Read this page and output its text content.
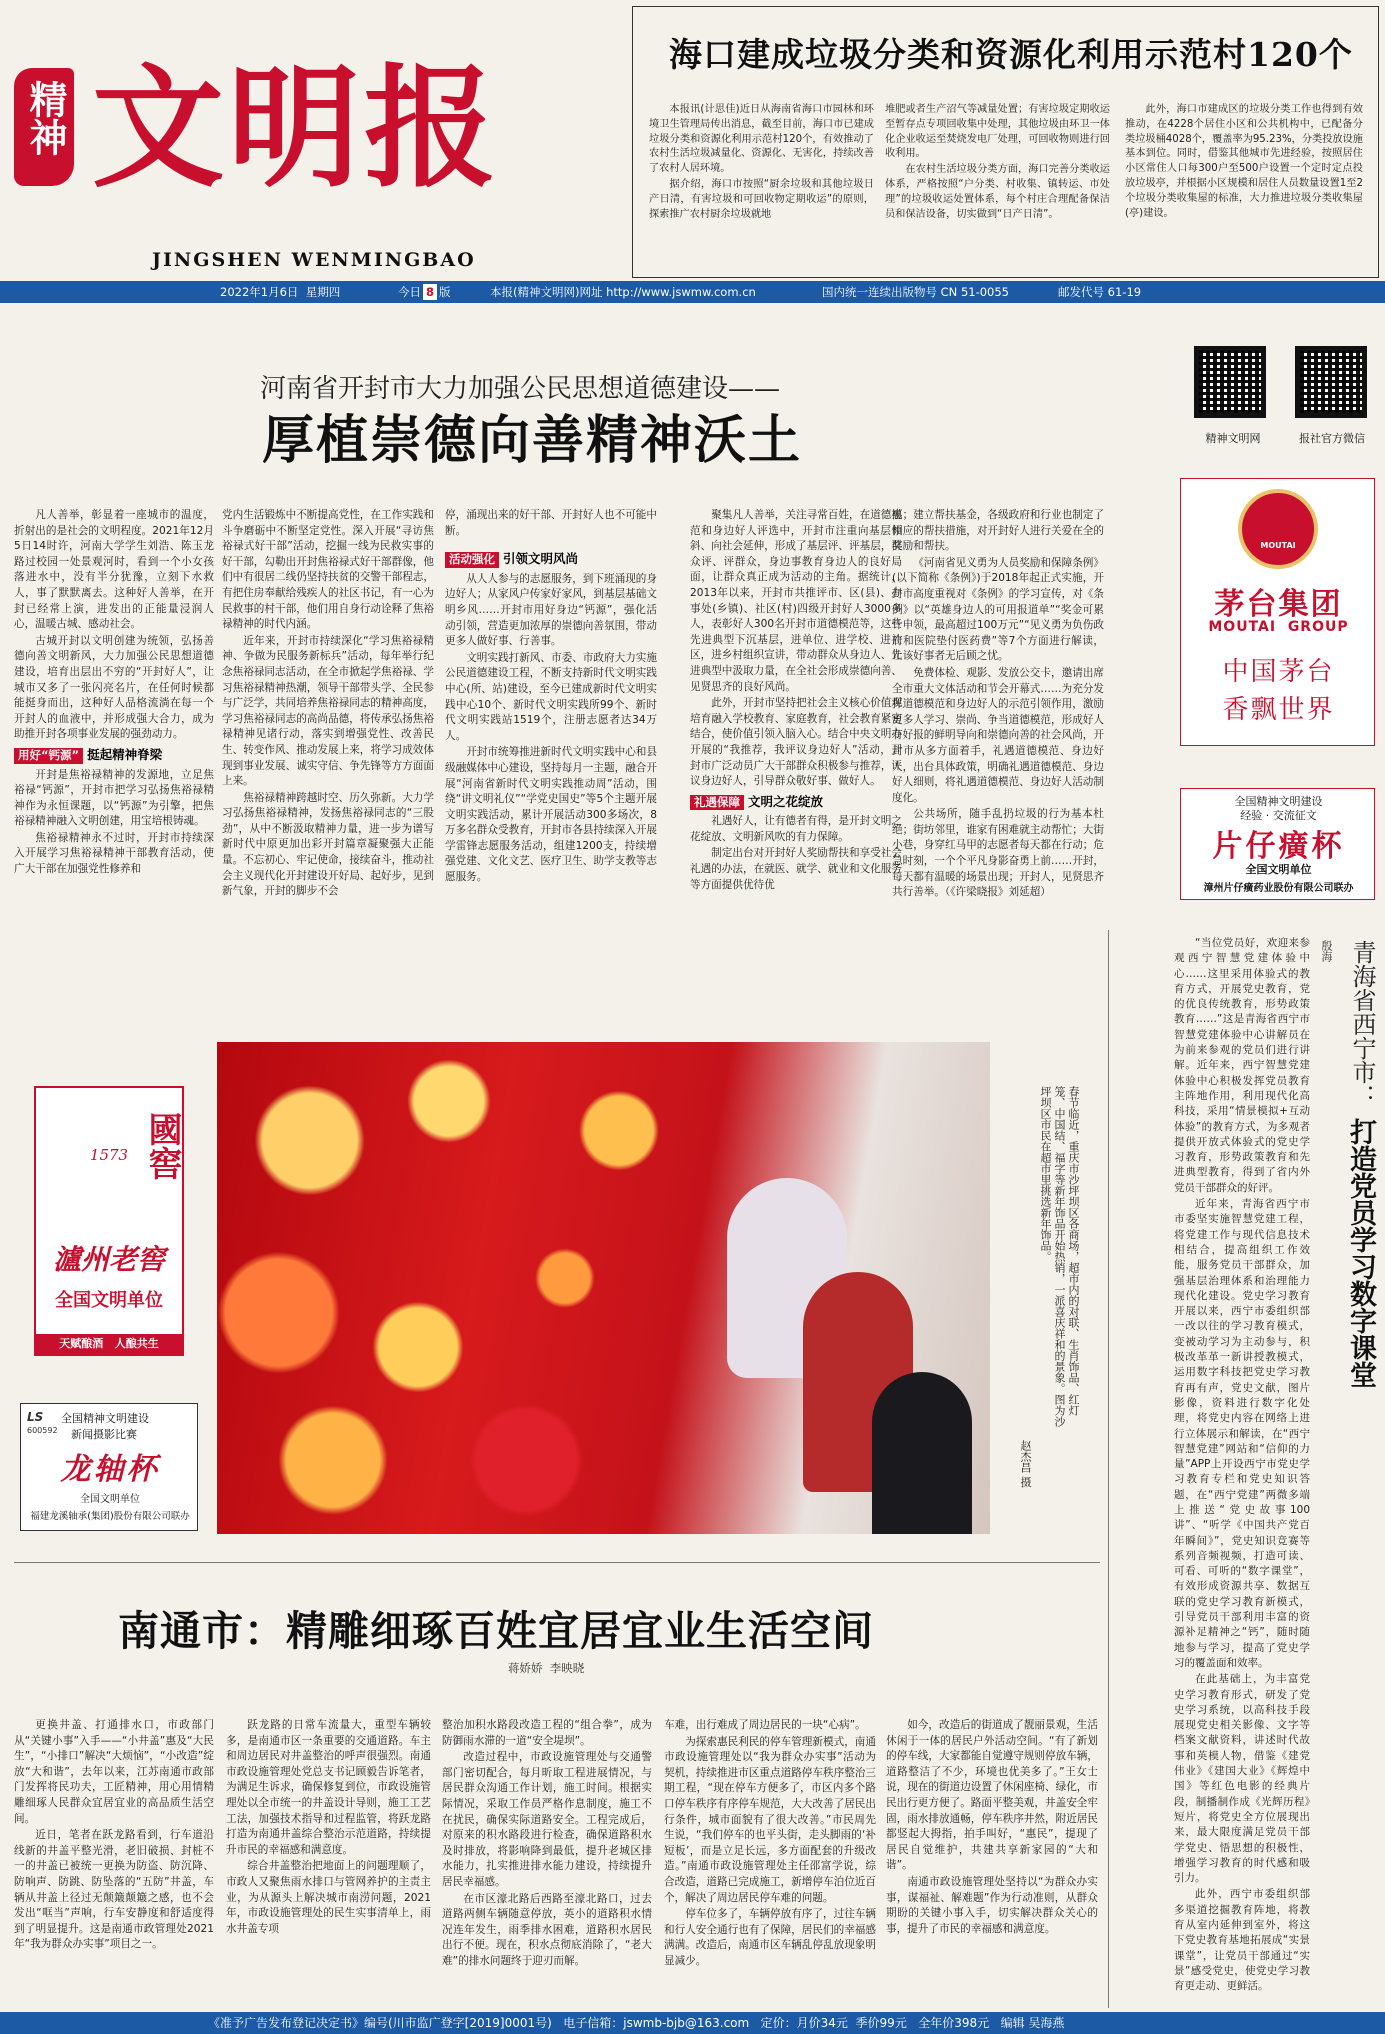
精神 文明报
JINGSHEN WENMINGBAO
海口建成垃圾分类和资源化利用示范村120个

本报讯(计思佳)近日从海南省海口市园林和环境卫生管理局传出消息，截至目前，海口市已建成垃圾分类和资源化利用示范村120个，有效推动了农村生活垃圾减量化、资源化、无害化，持续改善了农村人居环境。

据介绍，海口市按照“厨余垃圾和其他垃圾日产日清，有害垃圾和可回收物定期收运”的原则，探索推广农村厨余垃圾就地

堆肥或者生产沼气等减量处置；有害垃圾定期收运至暂存点专项回收集中处理，其他垃圾由环卫一体化企业收运至焚烧发电厂处理，可回收物则进行回收利用。

在农村生活垃圾分类方面，海口完善分类收运体系，严格按照“户分类、村收集、镇转运、市处理”的垃圾收运处置体系，每个村庄合理配备保洁员和保洁设备，切实做到“日产日清”。

此外，海口市建成区的垃圾分类工作也得到有效推动，在4228个居住小区和公共机构中，已配备分类垃圾桶4028个，覆盖率为95.23%，分类投放设施基本到位。同时，借鉴其他城市先进经验，按照居住小区常住人口每300户至500户设置一个定时定点投放垃圾亭，并根据小区规模和居住人员数量设置1至2个垃圾分类收集屋的标准，大力推进垃圾分类收集屋(亭)建设。

2022年1月6日  星期四	今日 8 版	本报(精神文明网)网址 http://www.jswmw.com.cn	国内统一连续出版物号 CN 51-0055	邮发代号 61-19
精神文明网	报社官方微信
河南省开封市大力加强公民思想道德建设——
厚植崇德向善精神沃土

凡人善举，彰显着一座城市的温度，折射出的是社会的文明程度。2021年12月5日14时许，河南大学学生刘浩、陈玉龙路过校园一处景观河时，看到一个小女孩落进水中，没有半分犹豫，立刻下水救人，事了默默离去。这种好人善举，在开封已经常上演，进发出的正能量浸润人心，温暖古城、感动社会。

古城开封以文明创建为统领，弘扬善德向善文明新风，大力加强公民思想道德建设，培育出层出不穷的“开封好人”，让城市又多了一张闪亮名片，在任何时候都能挺身而出，这种好人品格流淌在每一个开封人的血液中，并形成强大合力，成为助推开封各项事业发展的强劲动力。

用好“钙源” 挺起精神脊梁

开封是焦裕禄精神的发源地，立足焦裕禄“钙源”，开封市把学习弘扬焦裕禄精神作为永恒课题，以“钙源”为引擎，把焦裕禄精神融入文明创建，用宝培根铸魂。

焦裕禄精神永不过时，开封市持续深入开展学习焦裕禄精神干部教育活动，使广大干部在加强党性修养和

党内生活锻炼中不断提高党性，在工作实践和斗争磨砺中不断坚定党性。深入开展“寻访焦裕禄式好干部”活动，挖掘一线为民救实事的好干部，勾勒出开封焦裕禄式好干部群像，他们中有很居二线仍坚持扶贫的交警干部程志，有把住房奉献给残疾人的社区书记，有一心为民救事的村干部，他们用自身行动诠释了焦裕禄精神的时代内涵。

近年来，开封市持续深化“学习焦裕禄精神、争做为民服务新标兵”活动，每年举行纪念焦裕禄同志活动，在全市掀起学焦裕禄、学习焦裕禄精神热潮，领导干部带头学、全民参与广泛学，共同培养焦裕禄同志的精神高度，学习焦裕禄同志的高尚品德，将传承弘扬焦裕禄精神见诸行动，落实到增强党性、改善民生、转变作风、推动发展上来，将学习成效体现到事业发展、诚实守信、争先锋等方方面面上来。

焦裕禄精神跨越时空、历久弥新。大力学习弘扬焦裕禄精神，发扬焦裕禄同志的“三股劲”，从中不断汲取精神力量，进一步为谱写新时代中原更加出彩开封篇章凝聚强大正能量。不忘初心、牢记使命，接续奋斗，推动社会主义现代化开封建设开好局、起好步，见到新气象，开封的脚步不会

停，涌现出来的好干部、开封好人也不可能中断。

活动强化 引领文明风尚

从人人参与的志愿服务，到下班涌现的身边好人；从家风户传家好家风，到基层基础文明乡风……开封市用好身边“钙源”，强化活动引领，营造更加浓厚的崇德向善氛围，带动更多人做好事、行善事。

文明实践打新风、市委、市政府大力实施公民道德建设工程，不断支持新时代文明实践中心(所、站)建设，至今已建成新时代文明实践中心10个、新时代文明实践所99个、新时代文明实践站1519个，注册志愿者达34万人。

开封市统筹推进新时代文明实践中心和县级融媒体中心建设，坚持每月一主题，融合开展“河南省新时代文明实践推动周”活动，围绕“讲文明礼仪”“学党史国史”等5个主题开展文明实践活动，累计开展活动300多场次，8万多名群众受教育，开封市各县持续深入开展学雷锋志愿服务活动，组建1200支，持续增强党建、文化文艺、医疗卫生、助学支教等志愿服务。

聚集凡人善举，关注寻常百姓，在道德模范和身边好人评选中，开封市注重向基层倾斜、向社会延伸，形成了基层评、评基层，群众评、评群众，身边事教育身边人的良好局面，让群众真正成为活动的主角。据统计，2013年以来，开封市共推评市、区(县)、办事处(乡镇)、社区(村)四级开封好人3000多人，表彰好人300名开封市道德模范等，这些先进典型下沉基层，进单位、进学校、进社区，进乡村组织宣讲，带动群众从身边人、先进典型中汲取力量，在全社会形成崇德向善、见贤思齐的良好风尚。

此外，开封市坚持把社会主义核心价值观培育融入学校教育、家庭教育，社会教育紧密结合，使价值引领入脑入心。结合中央文明办开展的“我推荐，我评议身边好人”活动，开封市广泛动员广大干部群众积极参与推荐，评议身边好人，引导群众敬好事、做好人。

礼遇保障 文明之花绽放

礼遇好人，让有德者有得，是开封文明之花绽放、文明新风吹的有力保障。

制定出台对开封好人奖励帮扶和享受社会礼遇的办法，在就医、就学、就业和文化服务等方面提供优待优

惠；建立帮扶基金，各级政府和行业也制定了相应的帮扶措施，对开封好人进行关爱在全的奖励和帮扶。

《河南省见义勇为人员奖励和保障条例》(以下简称《条例》)于2018年起正式实施，开封市高度重视对《条例》的学习宣传，对《条例》以“英雄身边人的可用报道单”“奖金可累计申领，最高超过100万元”“见义勇为负伤政府和医院垫付医药费”等7个方面进行解读，让该好事者无后顾之忧。

免费体检、观影、发放公交卡，邀请出席全市重大文体活动和节会开幕式……为充分发挥道德模范和身边好人的示范引领作用，激励更多人学习、崇尚、争当道德模范，形成好人有好报的鲜明导向和崇德向善的社会风尚，开封市从多方面着手，礼遇道德模范、身边好人，出台具体政策，明确礼遇道德模范、身边好人细则，将礼遇道德模范、身边好人活动制度化。

公共场所，随手乱扔垃圾的行为基本杜绝；街坊邻里，谁家有困难就主动帮忙；大街小巷，身穿红马甲的志愿者每天都在行动；危急时刻，一个个平凡身影奋勇上前……开封，每天都有温暖的场景出现；开封人，见贤思齐共行善举。（《许梁晓报》刘延超）

MOUTAI
茅台集团
MOUTAI  GROUP
中国茅台
香飘世界
全国精神文明建设
经验 · 交流征文
片仔癀杯
全国文明单位
漳州片仔癀药业股份有限公司联办
國窖
1573
瀘州老窖
全国文明单位
天赋酿酒   人酿共生
LS
600592
全国精神文明建设
新闻摄影比赛
龙轴杯
全国文明单位
福建龙溪轴承(集团)股份有限公司联办
春节临近，重庆市沙坪坝区各商场，超市内的对联、生肖饰品、红灯笼、中国结、福字等新年饰品开始热销，一派喜庆祥和的景象。图为沙坪坝区市民在超市里挑选新年饰品。
赵杰昌 摄
青海省西宁市：
打造党员学习数字课堂
殷海

“当位党员好，欢迎来参观西宁智慧党建体验中心……这里采用体验式的教育方式，开展党史教育，党的优良传统教育，形势政策教育……”这是青海省西宁市智慧党建体验中心讲解员在为前来参观的党员们进行讲解。近年来，西宁智慧党建体验中心积极发挥党员教育主阵地作用，利用现代化高科技，采用“情景模拟+互动体验”的教育方式，为多观者提供开放式体验式的党史学习教育，形势政策教育和先进典型教育，得到了省内外党员干部群众的好评。

近年来，青海省西宁市市委坚实施智慧党建工程，将党建工作与现代信息技术相结合，提高组织工作效能，服务党员干部群众，加强基层治理体系和治理能力现代化建设。党史学习教育开展以来，西宁市委组织部一改以往的学习教育模式，变被动学习为主动参与，积极改革革一新讲授教模式，运用数字科技把党史学习教育再有声，党史文献，图片影像，资料进行数字化处理，将党史内容在网络上进行立体展示和解读，在“西宁智慧党建”网站和“信仰的力量”APP上开设西宁市党史学习教育专栏和党史知识答题，在“西宁党建”两微多端上推送“党史故事100讲”、“听学《中国共产党百年瞬间》”，党史知识竞赛等系列音频视频，打造可读、可看、可听的“数字课堂”，有效形成资源共享、数据互联的党史学习教育新模式，引导党员干部利用丰富的资源补足精神之“钙”，随时随地参与学习，提高了党史学习的覆盖面和效率。

在此基础上，为丰富党史学习教育形式，研发了党史学习系统，以高科技手段展现党史相关影像、文字等档案文献资料，讲述时代故事和英模人物，借鉴《建党伟业》《建国大业》《辉煌中国》等红色电影的经典片段，制播制作成《光辉历程》短片，将党史全方位展现出来，最大限度满足党员干部学党史、悟思想的积极性，增强学习教育的时代感和吸引力。

此外，西宁市委组织部多渠道挖掘教育阵地，将教育从室内延伸到室外，将这下党史教育基地拓展成“实景课堂”，让党员干部通过“实景”感受党史，使党史学习教育更走动、更鲜活。

南通市：精雕细琢百姓宜居宜业生活空间
蒋娇娇  李映晓

更换井盖、打通排水口，市政部门从“关键小事”入手——“小井盖”惠及“大民生”，“小排口”解决“大烦恼”，“小改造”绽放“大和谐”，去年以来，江苏南通市政部门发挥将民功夫，工匠精神，用心用情精雕细琢人民群众宜居宜业的高品质生活空间。

近日，笔者在跃龙路看到，行车道沿线新的井盖平整光滑，老旧破损、封桩不一的井盖已被统一更换为防盗、防沉降、防响声、防跳、防坠落的“五防”井盖，车辆从井盖上径过无颠簸颠簸之感，也不会发出“哐当”声响，行车安静度和舒适度得到了明显提升。这是南通市政管理处2021年“我为群众办实事”项目之一。

跃龙路的日常车流量大，重型车辆较多，是南通市区一条重要的交通道路。车主和周边居民对井盖整治的呼声很强烈。南通市政设施管理处党总支书记顾毅告诉笔者，为满足生诉求，确保修复到位，市政设施管理处以全市统一的井盖设计导则，施工工艺工法，加强技术指导和过程监管，将跃龙路打造为南通井盖综合整治示范道路，持续提升市民的幸福感和满意度。

综合井盖整治把地面上的问题理顺了，市政人又聚焦雨水排口与管网养护的主责主业，为从源头上解决城市南涝问题，2021年，市政设施管理处的民生实事清单上，雨水井盖专项

整治加积水路段改造工程的“组合拳”，成为防御雨水滞的一道“安全堤坝”。

改造过程中，市政设施管理处与交通警部门密切配合，每月昕取工程进展情况，与居民群众沟通工作计划，施工时间。根据实际情况，采取工作员严格作息制度，施工不在扰民，确保实际道路安全。工程完成后，对原来的积水路段进行检查，确保道路积水及时排放，将影响降到最低，提升老城区排水能力，扎实推进排水能力建设，持续提升居民幸福感。

在市区濠北路后西路至濠北路口，过去道路两侧车辆随意停放，英小的道路积水情况连年发生，雨季排水困难，道路积水居民出行不便。现在，积水点彻底消除了，“老大难”的排水问题终于迎刃而解。

车难，出行难成了周边居民的一块“心病”。

为探索惠民利民的停车管理新模式，南通市政设施管理处以“我为群众办实事”活动为契机，持续推进市区重点道路停车秩序整治三期工程，“现在停车方便多了，市区内多个路口停车秩序有序停车规范，大大改善了居民出行条件，城市面貌有了很大改善。”市民周先生说，“我们停车的也平头街，走头脚雨的‘补短板’，而是立足长远，多方面配套的升级改造。”南通市政设施管理处主任邵富学说，综合改造，道路已完成施工，新增停车泊位近百个，解决了周边居民停车难的问题。

停车位多了，车辆停放有序了，过往车辆和行人安全通行也有了保障，居民们的幸福感满满。改造后，南通市区车辆乱停乱放现象明显减少。

如今，改造后的街道成了靓丽景观，生活休闲于一体的居民户外活动空间。“有了新划的停车线，大家都能自觉遵守规则停放车辆，道路整洁了不少，环境也优美多了。”王女士说，现在的街道边设置了休闲座椅、绿化，市民出行更方便了。路面平整美观，井盖安全牢固，雨水排放通畅，停车秩序井然，附近居民都竖起大拇指，拍手叫好，“惠民”，提现了居民自觉维护，共建共享新家园的“大和谐”。

南通市政设施管理处坚持以“为群众办实事，谋福祉、解难题”作为行动准则，从群众期盼的关键小事入手，切实解决群众关心的事，提升了市民的幸福感和满意度。

《准予广告发布登记决定书》编号(川市监广登字[2019]0001号)   电子信箱：jswmb-bjb@163.com   定价：月价34元  季价99元   全年价398元   编辑 吴海燕
